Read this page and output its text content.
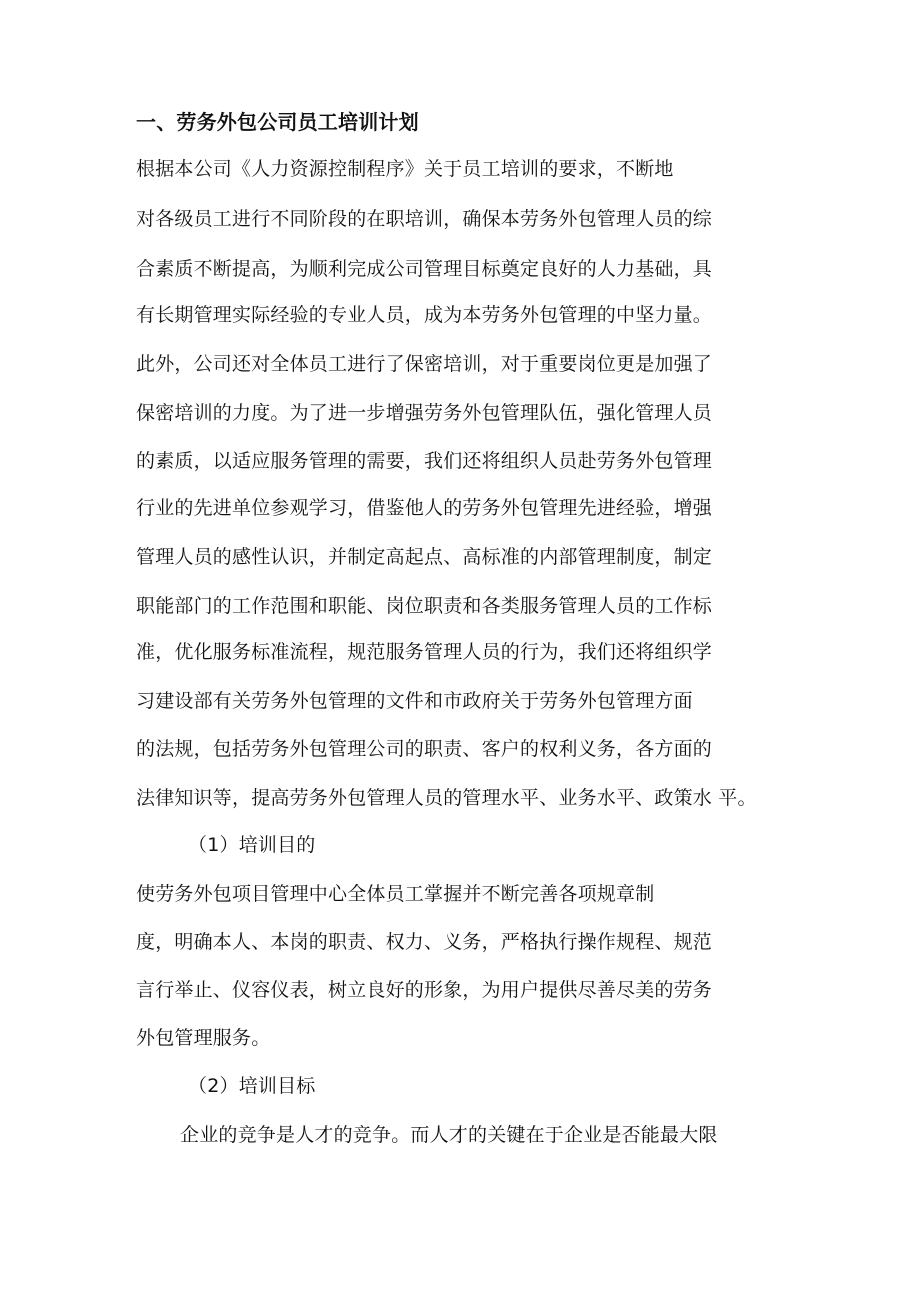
一、劳务外包公司员工培训计划
根据本公司《人力资源控制程序》关于员工培训的要求，不断地
对各级员工进行不同阶段的在职培训，确保本劳务外包管理人员的综
合素质不断提高，为顺利完成公司管理目标奠定良好的人力基础，具
有长期管理实际经验的专业人员，成为本劳务外包管理的中坚力量。
此外，公司还对全体员工进行了保密培训，对于重要岗位更是加强了
保密培训的力度。为了进一步增强劳务外包管理队伍，强化管理人员
的素质，以适应服务管理的需要，我们还将组织人员赴劳务外包管理
行业的先进单位参观学习，借鉴他人的劳务外包管理先进经验，增强
管理人员的感性认识，并制定高起点、高标准的内部管理制度，制定
职能部门的工作范围和职能、岗位职责和各类服务管理人员的工作标
准，优化服务标准流程，规范服务管理人员的行为，我们还将组织学
习建设部有关劳务外包管理的文件和市政府关于劳务外包管理方面
的法规，包括劳务外包管理公司的职责、客户的权利义务，各方面的
法律知识等，提高劳务外包管理人员的管理水平、业务水平、政策水 平。
（1）培训目的
使劳务外包项目管理中心全体员工掌握并不断完善各项规章制
度，明确本人、本岗的职责、权力、义务，严格执行操作规程、规范
言行举止、仪容仪表，树立良好的形象，为用户提供尽善尽美的劳务
外包管理服务。
（2）培训目标
企业的竞争是人才的竞争。而人才的关键在于企业是否能最大限
